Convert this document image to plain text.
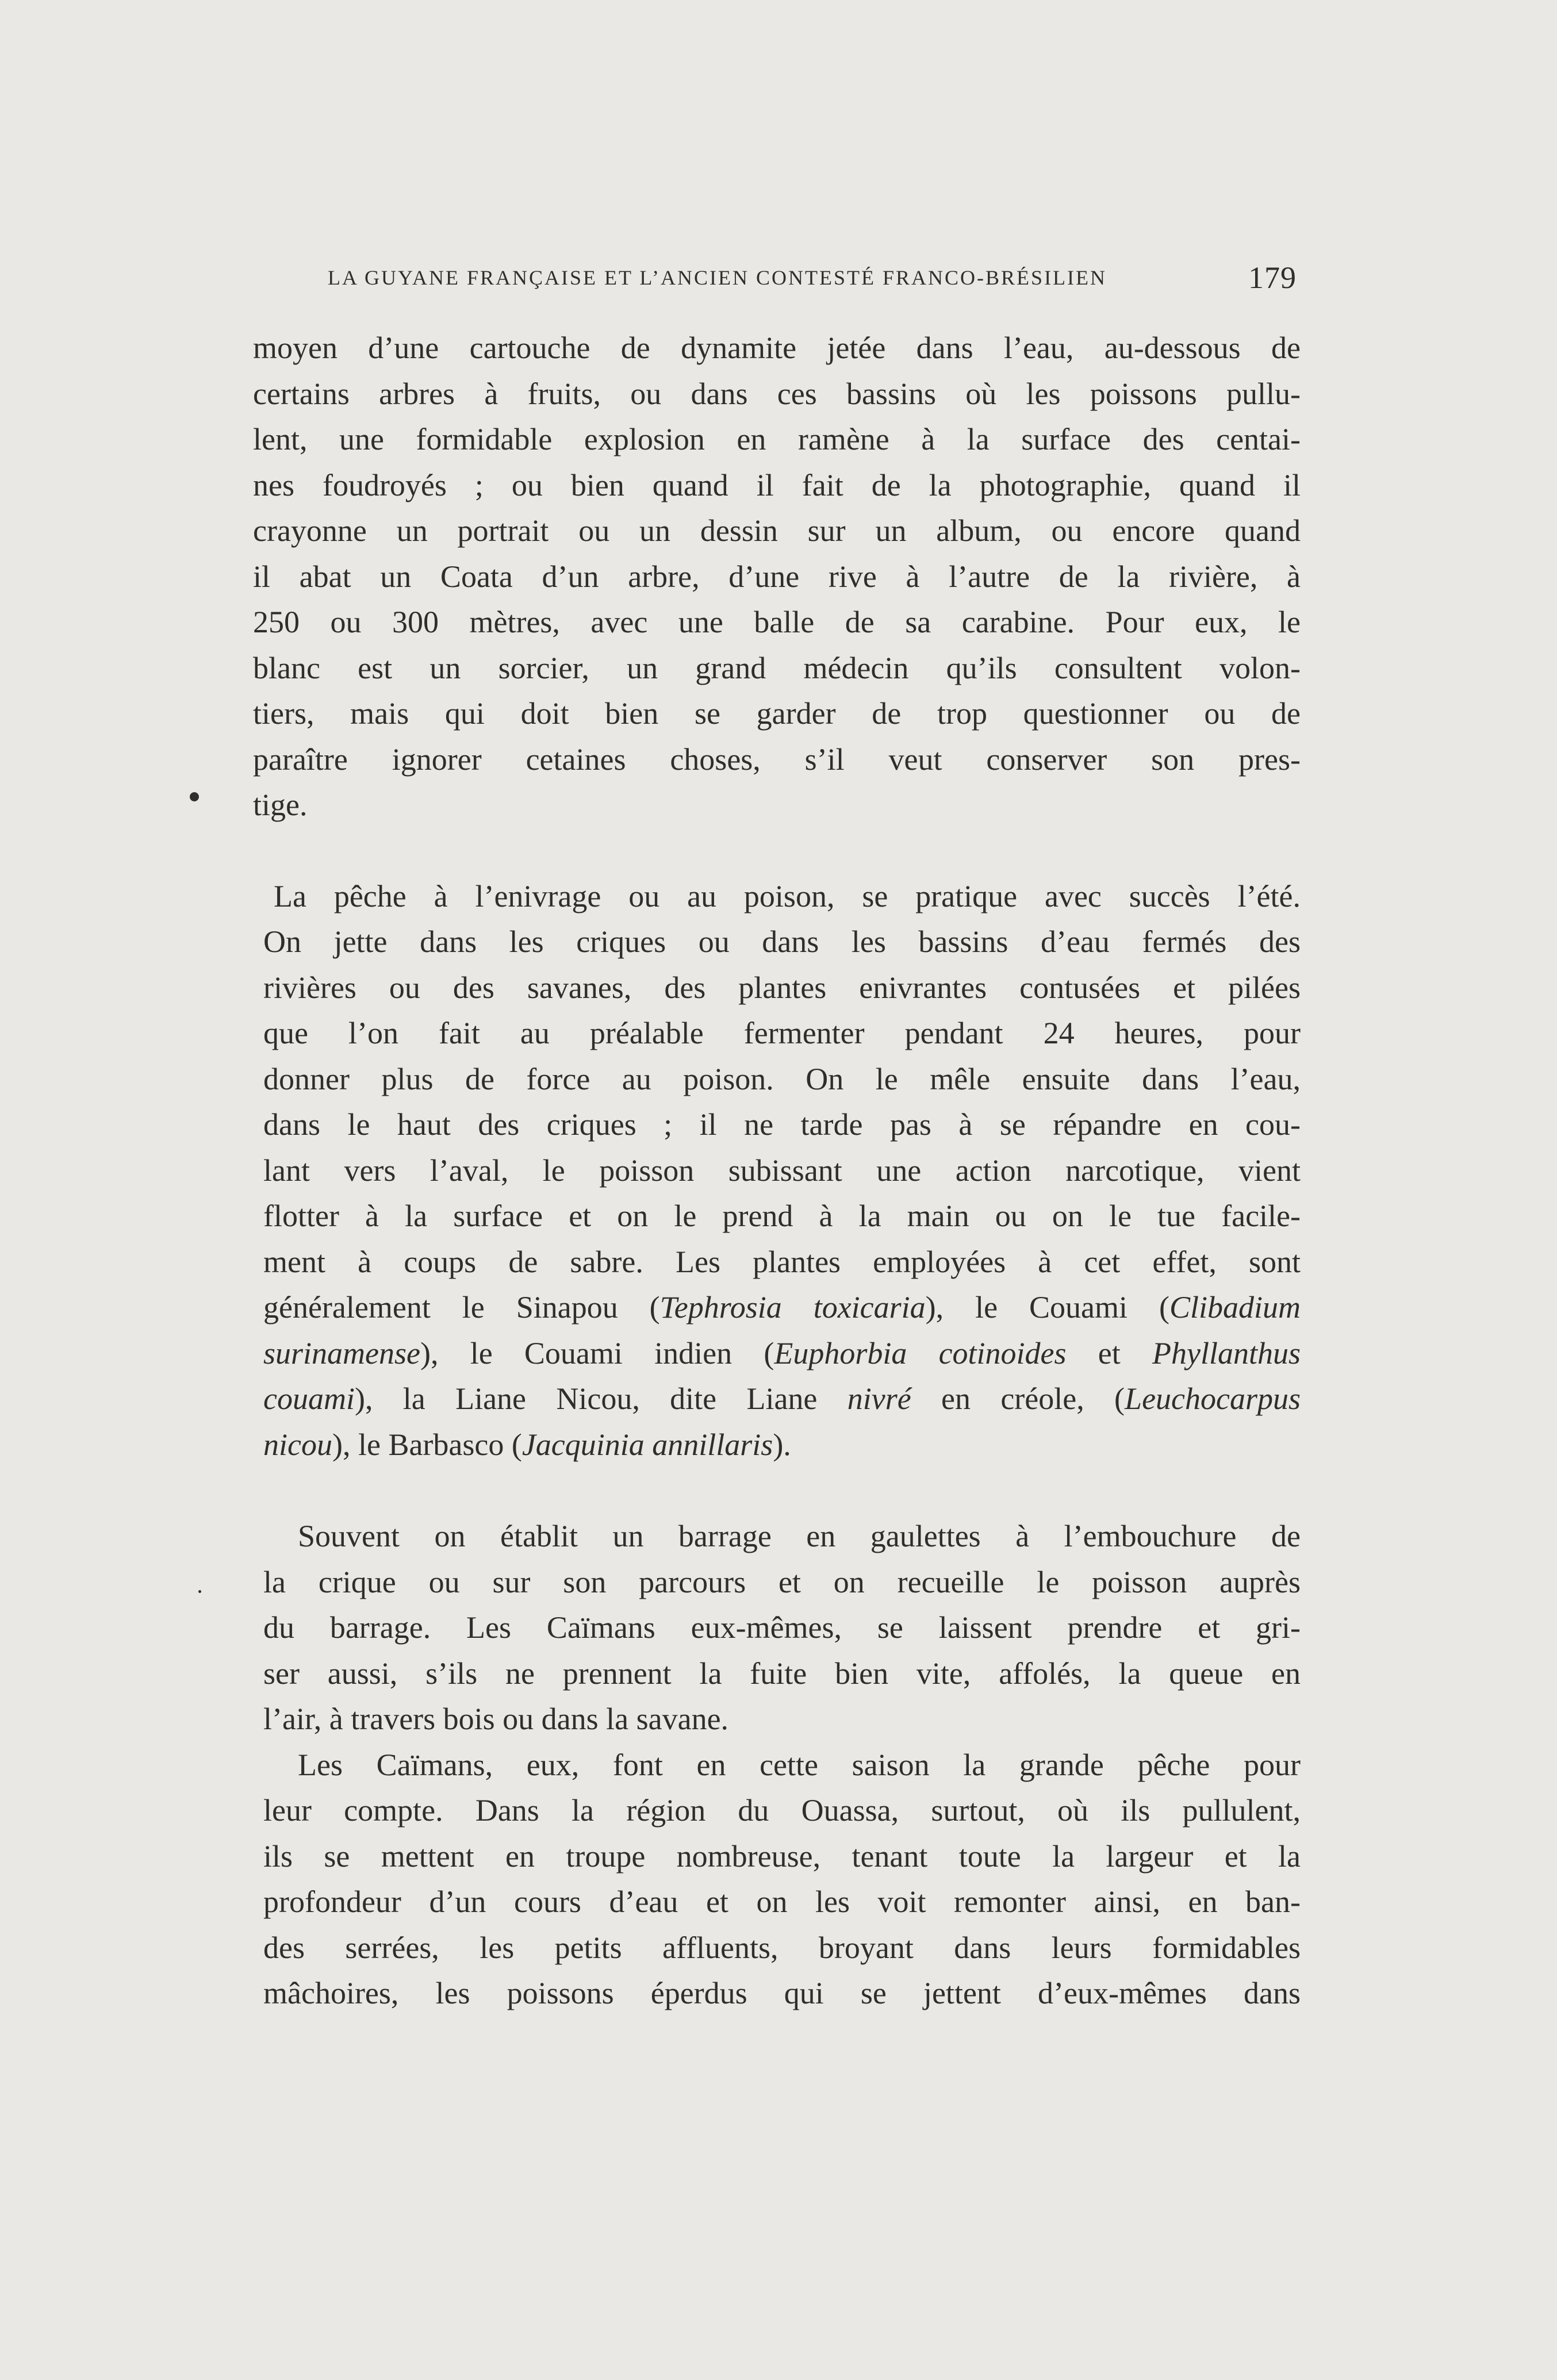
LA GUYANE FRANÇAISE ET L’ANCIEN CONTESTÉ FRANCO-BRÉSILIEN	179
moyen d’une cartouche de dynamite jetée dans l’eau, au-dessous de
certains arbres à fruits, ou dans ces bassins où les poissons pullu-
lent, une formidable explosion en ramène à la surface des centai-
nes foudroyés ; ou bien quand il fait de la photographie, quand il
crayonne un portrait ou un dessin sur un album, ou encore quand
il abat un Coata d’un arbre, d’une rive à l’autre de la rivière, à
250 ou 300 mètres, avec une balle de sa carabine. Pour eux, le
blanc est un sorcier, un grand médecin qu’ils consultent volon-
tiers, mais qui doit bien se garder de trop questionner ou de
paraître ignorer cetaines choses, s’il veut conserver son pres-
tige.
La pêche à l’enivrage ou au poison, se pratique avec succès l’été.
On jette dans les criques ou dans les bassins d’eau fermés des
rivières ou des savanes, des plantes enivrantes contusées et pilées
que l’on fait au préalable fermenter pendant 24 heures, pour
donner plus de force au poison. On le mêle ensuite dans l’eau,
dans le haut des criques ; il ne tarde pas à se répandre en cou-
lant vers l’aval, le poisson subissant une action narcotique, vient
flotter à la surface et on le prend à la main ou on le tue facile-
ment à coups de sabre. Les plantes employées à cet effet, sont
généralement le Sinapou (Tephrosia toxicaria), le Couami (Clibadium
surinamense), le Couami indien (Euphorbia cotinoides et Phyllanthus
couami), la Liane Nicou, dite Liane nivré en créole, (Leuchocarpus
nicou), le Barbasco (Jacquinia annillaris).
Souvent on établit un barrage en gaulettes à l’embouchure de
la crique ou sur son parcours et on recueille le poisson auprès
du barrage. Les Caïmans eux-mêmes, se laissent prendre et gri-
ser aussi, s’ils ne prennent la fuite bien vite, affolés, la queue en
l’air, à travers bois ou dans la savane.
Les Caïmans, eux, font en cette saison la grande pêche pour
leur compte. Dans la région du Ouassa, surtout, où ils pullulent,
ils se mettent en troupe nombreuse, tenant toute la largeur et la
profondeur d’un cours d’eau et on les voit remonter ainsi, en ban-
des serrées, les petits affluents, broyant dans leurs formidables
mâchoires, les poissons éperdus qui se jettent d’eux-mêmes dans
